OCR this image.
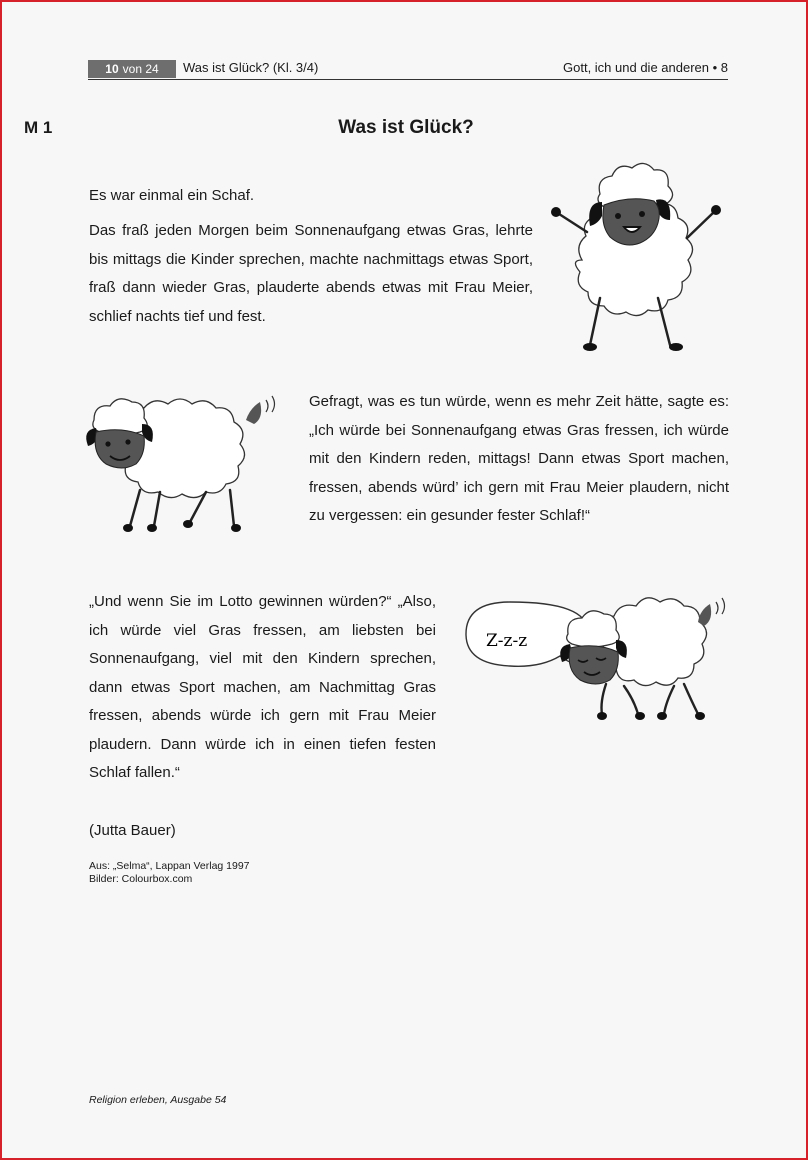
10 von 24 Was ist Glück? (Kl. 3/4)	Gott, ich und die anderen • 8
M 1	Was ist Glück?

Es war einmal ein Schaf.

Das fraß jeden Morgen beim Sonnenaufgang etwas Gras, lehrte bis mittags die Kinder sprechen, machte nachmittags etwas Sport, fraß dann wieder Gras, plauderte abends etwas mit Frau Meier, schlief nachts tief und fest.

Gefragt, was es tun würde, wenn es mehr Zeit hätte, sagte es: „Ich würde bei Sonnenaufgang etwas Gras fressen, ich würde mit den Kindern reden, mittags! Dann etwas Sport machen, fressen, abends würd’ ich gern mit Frau Meier plaudern, nicht zu vergessen: ein gesunder fester Schlaf!“

„Und wenn Sie im Lotto gewinnen würden?“ „Also, ich würde viel Gras fressen, am liebsten bei Sonnenaufgang, viel mit den Kindern sprechen, dann etwas Sport machen, am Nachmittag Gras fressen, abends würde ich gern mit Frau Meier plaudern. Dann würde ich in einen tiefen festen Schlaf fallen.“

(Jutta Bauer)
Aus: „Selma“, Lappan Verlag 1997
Bilder: Colourbox.com
Religion erleben, Ausgabe 54
Z-z-z
